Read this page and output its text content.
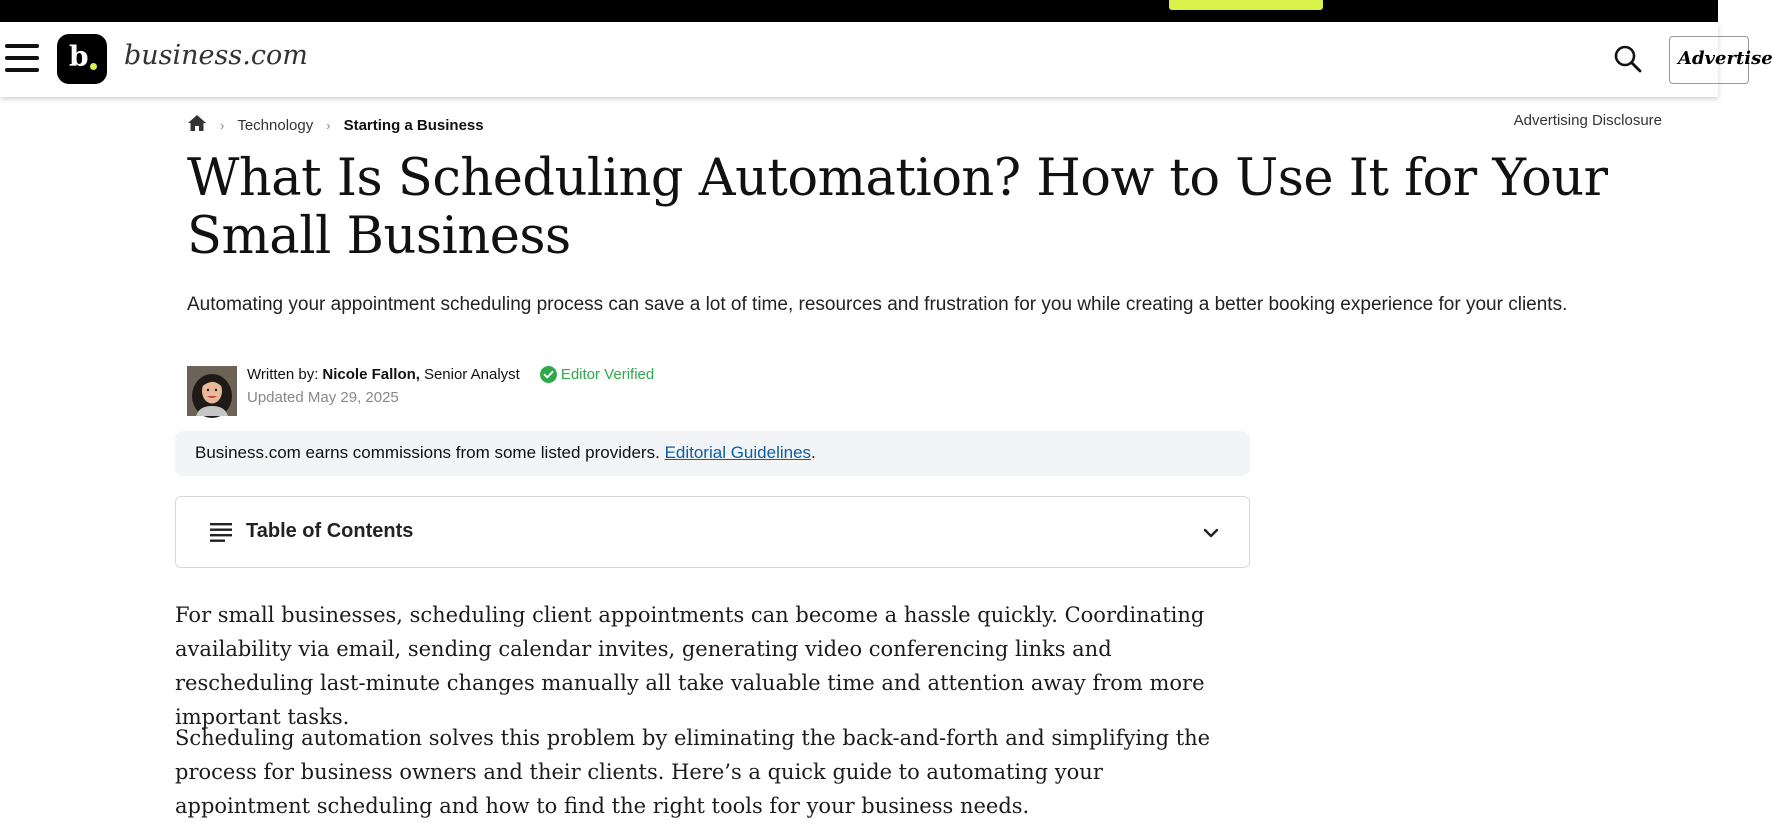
b business.com	Advertise
› Technology › Starting a Business	Advertising Disclosure
What Is Scheduling Automation? How to Use It for Your Small Business

Automating your appointment scheduling process can save a lot of time, resources and frustration for you while creating a better booking experience for your clients.

Written by: Nicole Fallon, Senior Analyst	Editor Verified
Updated May 29, 2025
Business.com earns commissions from some listed providers. Editorial Guidelines.
Table of Contents

For small businesses, scheduling client appointments can become a hassle quickly. Coordinating availability via email, sending calendar invites, generating video conferencing links and rescheduling last-minute changes manually all take valuable time and attention away from more important tasks.

Scheduling automation solves this problem by eliminating the back-and-forth and simplifying the process for business owners and their clients. Here’s a quick guide to automating your appointment scheduling and how to find the right tools for your business needs.
